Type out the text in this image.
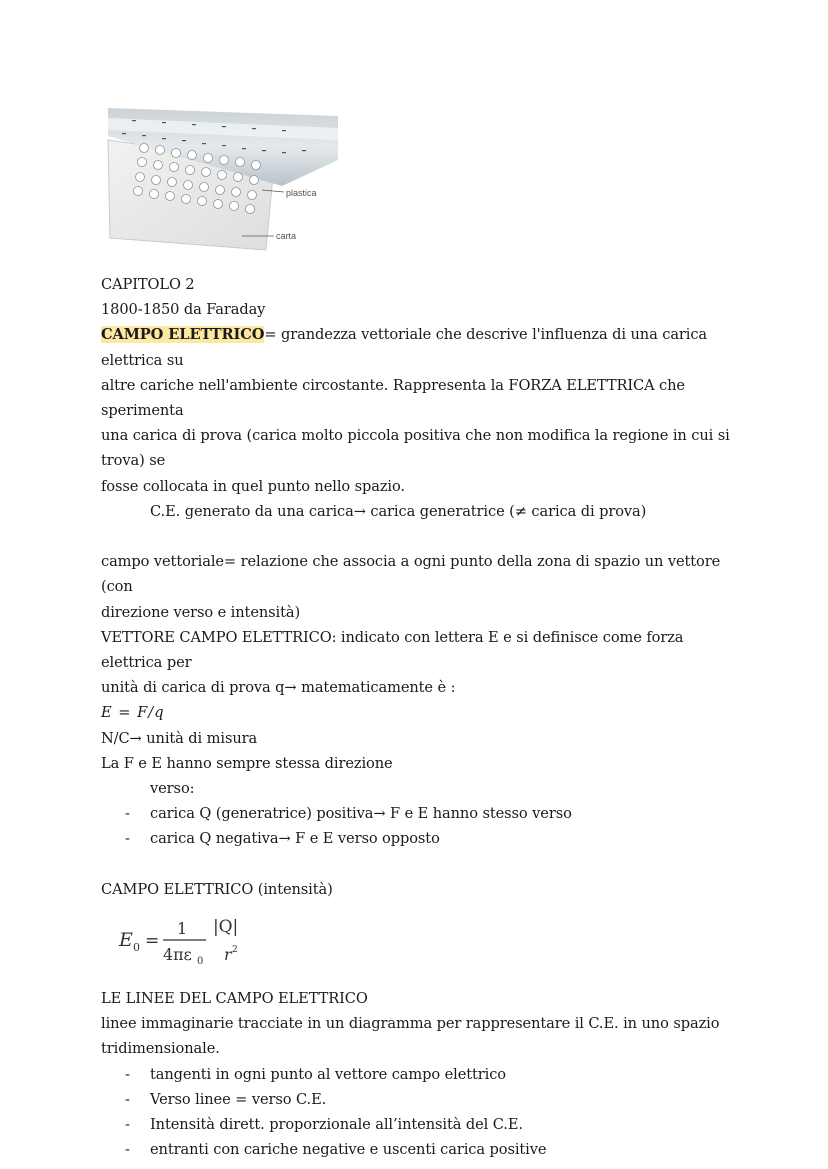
plastica
carta

CAPITOLO 2

1800-1850 da Faraday

CAMPO ELETTRICO= grandezza vettoriale che descrive l'influenza di una carica elettrica su

altre cariche nell'ambiente circostante. Rappresenta la FORZA ELETTRICA che sperimenta

una carica di prova (carica molto piccola positiva che non modifica la regione in cui si trova) se

fosse collocata in quel punto nello spazio.

C.E. generato da una carica→ carica generatrice (≠ carica di prova)

campo vettoriale= relazione che associa a ogni punto della zona di spazio un vettore (con

direzione verso e intensità)

VETTORE CAMPO ELETTRICO: indicato con lettera E e si definisce come forza elettrica per

unità di carica di prova q→ matematicamente è :

E = F/q

N/C→ unità di misura

La F e E hanno sempre stessa direzione

verso:

- carica Q (generatrice) positiva→ F e E hanno stesso verso
- carica Q negativa→ F e E verso opposto

CAMPO ELETTRICO (intensità)

E 0 =
1
4πε 0
|Q|
r 2

LE LINEE DEL CAMPO ELETTRICO

linee immaginarie tracciate in un diagramma per rappresentare il C.E. in uno spazio

tridimensionale.

- tangenti in ogni punto al vettore campo elettrico
- Verso linee = verso C.E.
- Intensità dirett. proporzionale all’intensità del C.E.
- entranti con cariche negative e uscenti carica positive
